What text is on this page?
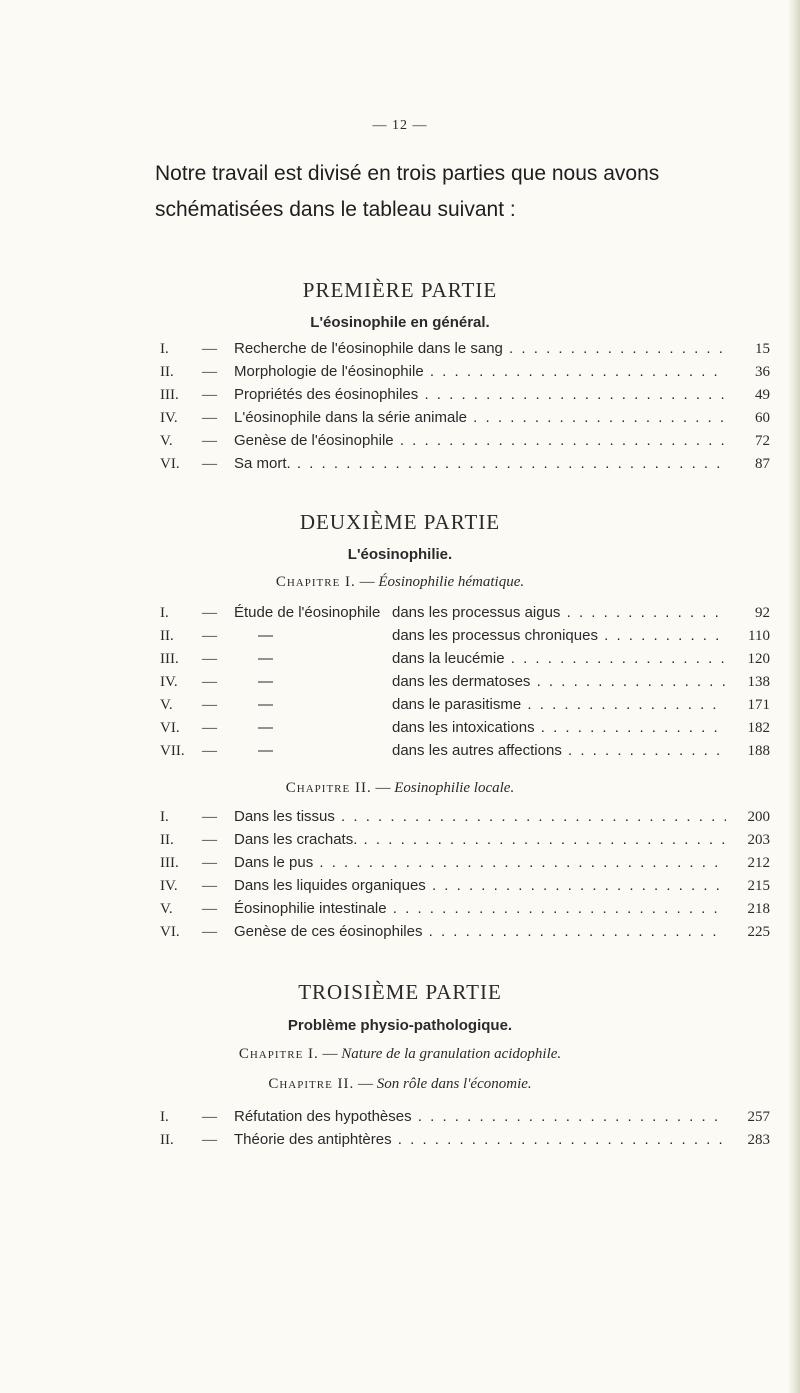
— 12 —
Notre travail est divisé en trois parties que nous avons
schématisées dans le tableau suivant :
PREMIÈRE PARTIE
L'éosinophile en général.
I.	—	Recherche de l'éosinophile dans le sang . . .	15
II.	—	Morphologie de l'éosinophile . . .	36
III.	—	Propriétés des éosinophiles . . .	49
IV.	—	L'éosinophile dans la série animale . . .	60
V.	—	Genèse de l'éosinophile . . .	72
VI.	—	Sa mort. . . .	87
DEUXIÈME PARTIE
L'éosinophilie.
Chapitre I. — Éosinophilie hématique.
I.	—	Étude de l'éosinophile dans les processus aigus . . .	92
II.	—	—	dans les processus chroniques . . .	110
III.	—	—	dans la leucémie . . .	120
IV.	—	—	dans les dermatoses . . .	138
V.	—	—	dans le parasitisme . . .	171
VI.	—	—	dans les intoxications . . .	182
VII.	—	—	dans les autres affections . . .	188
Chapitre II. — Eosinophilie locale.
I.	—	Dans les tissus . . .	200
II.	—	Dans les crachats. . . .	203
III.	—	Dans le pus . . .	212
IV.	—	Dans les liquides organiques . . .	215
V.	—	Éosinophilie intestinale . . .	218
VI.	—	Genèse de ces éosinophiles . . .	225
TROISIÈME PARTIE
Problème physio-pathologique.
Chapitre I. — Nature de la granulation acidophile.
Chapitre II. — Son rôle dans l'économie.
I.	—	Réfutation des hypothèses . . .	257
II.	—	Théorie des antiphtères . . .	283
